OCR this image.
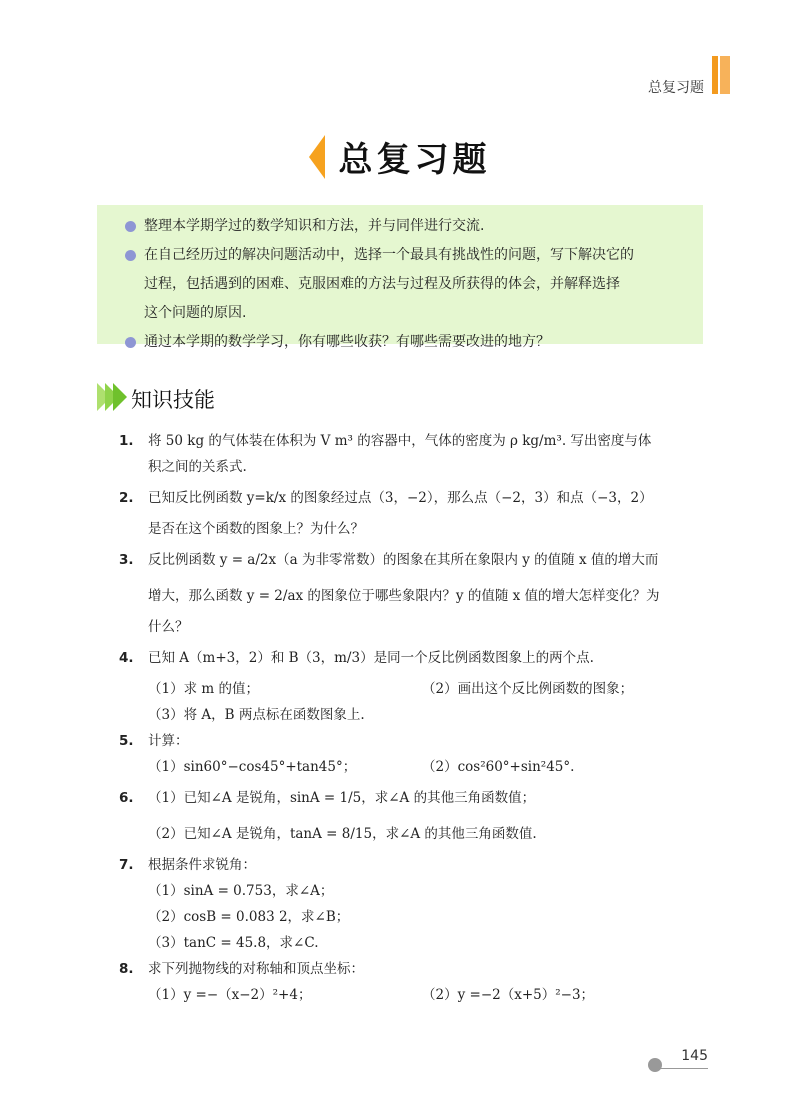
总复习题
总复习题
整理本学期学过的数学知识和方法，并与同伴进行交流.
在自己经历过的解决问题活动中，选择一个最具有挑战性的问题，写下解决它的
过程，包括遇到的困难、克服困难的方法与过程及所获得的体会，并解释选择
这个问题的原因.
通过本学期的数学学习，你有哪些收获？有哪些需要改进的地方？
知识技能
1. 将 50 kg 的气体装在体积为 V m³ 的容器中，气体的密度为 ρ kg/m³. 写出密度与体
积之间的关系式.
2. 已知反比例函数 y=k/x 的图象经过点（3，−2），那么点（−2，3）和点（−3，2）
是否在这个函数的图象上？为什么？
3. 反比例函数 y = a/2x（a 为非零常数）的图象在其所在象限内 y 的值随 x 值的增大而
增大，那么函数 y = 2/ax 的图象位于哪些象限内？y 的值随 x 值的增大怎样变化？为
什么？
4. 已知 A（m+3，2）和 B（3，m/3）是同一个反比例函数图象上的两个点.
（1）求 m 的值；	（2）画出这个反比例函数的图象；
（3）将 A，B 两点标在函数图象上.
5. 计算：
（1）sin60°−cos45°+tan45°；	（2）cos²60°+sin²45°.
6. （1）已知∠A 是锐角，sinA = 1/5，求∠A 的其他三角函数值；
（2）已知∠A 是锐角，tanA = 8/15，求∠A 的其他三角函数值.
7. 根据条件求锐角：
（1）sinA = 0.753，求∠A；
（2）cosB = 0.083 2，求∠B；
（3）tanC = 45.8，求∠C.
8. 求下列抛物线的对称轴和顶点坐标：
（1）y =−（x−2）²+4；	（2）y =−2（x+5）²−3；
145
